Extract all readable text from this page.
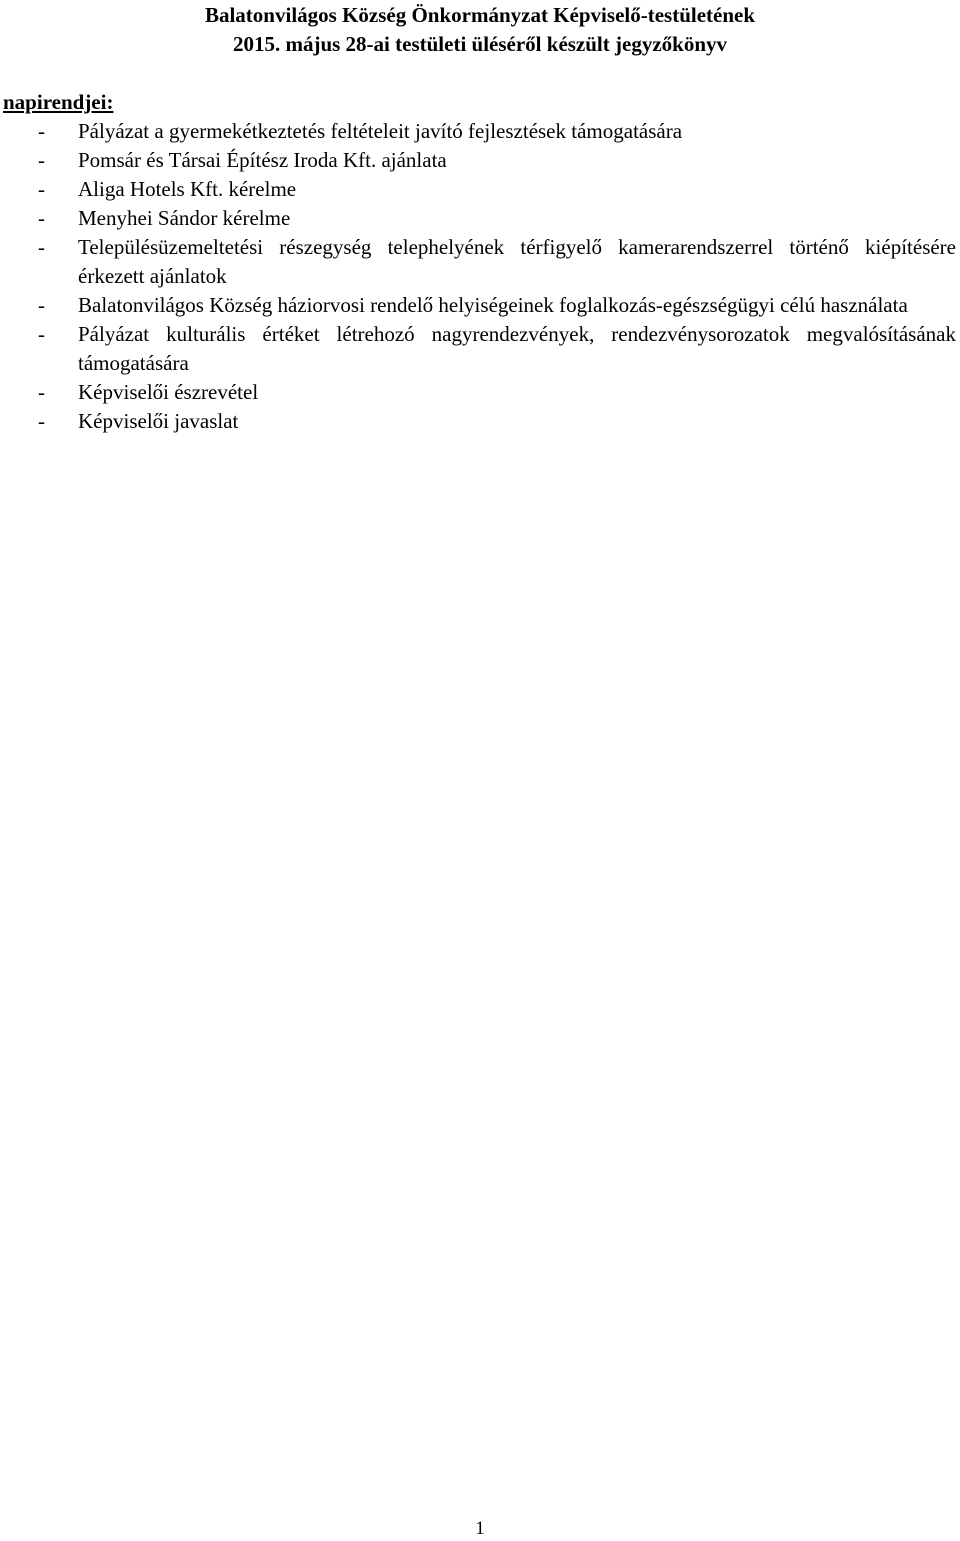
Balatonvilágos Község Önkormányzat Képviselő-testületének
2015. május 28-ai testületi üléséről készült jegyzőkönyv

napirendjei:

- Pályázat a gyermekétkeztetés feltételeit javító fejlesztések támogatására
- Pomsár és Társai Építész Iroda Kft. ajánlata
- Aliga Hotels Kft. kérelme
- Menyhei Sándor kérelme
- Településüzemeltetési részegység telephelyének térfigyelő kamerarendszerrel történő kiépítésére érkezett ajánlatok
- Balatonvilágos Község háziorvosi rendelő helyiségeinek foglalkozás-egészségügyi célú használata
- Pályázat kulturális értéket létrehozó nagyrendezvények, rendezvénysorozatok megvalósításának támogatására
- Képviselői észrevétel
- Képviselői javaslat
1
